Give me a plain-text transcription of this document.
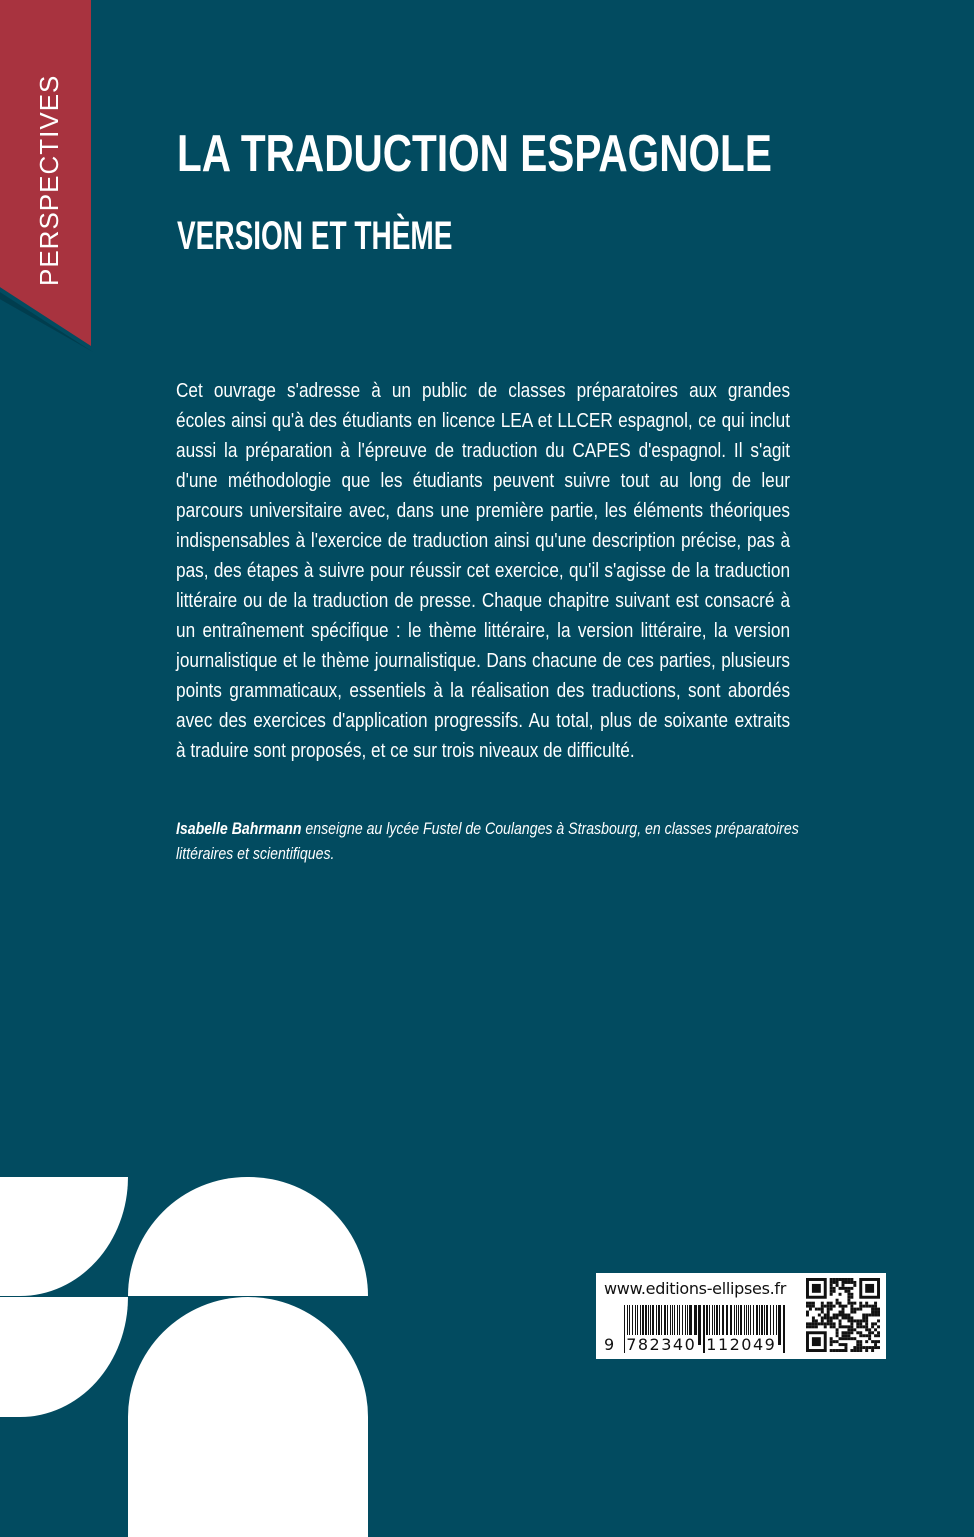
PERSPECTIVES LA TRADUCTION ESPAGNOLE
VERSION ET THÈME
Cet ouvrage s'adresse à un public de classes préparatoires aux grandes
écoles ainsi qu'à des étudiants en licence LEA et LLCER espagnol, ce qui inclut
aussi la préparation à l'épreuve de traduction du CAPES d'espagnol. Il s'agit
d'une méthodologie que les étudiants peuvent suivre tout au long de leur
parcours universitaire avec, dans une première partie, les éléments théoriques
indispensables à l'exercice de traduction ainsi qu'une description précise, pas à
pas, des étapes à suivre pour réussir cet exercice, qu'il s'agisse de la traduction
littéraire ou de la traduction de presse. Chaque chapitre suivant est consacré à
un entraînement spécifique : le thème littéraire, la version littéraire, la version
journalistique et le thème journalistique. Dans chacune de ces parties, plusieurs
points grammaticaux, essentiels à la réalisation des traductions, sont abordés
avec des exercices d'application progressifs. Au total, plus de soixante extraits
à traduire sont proposés, et ce sur trois niveaux de difficulté.
Isabelle Bahrmann enseigne au lycée Fustel de Coulanges à Strasbourg, en classes préparatoires
littéraires et scientifiques.
www.editions-ellipses.fr
9 782340 112049
